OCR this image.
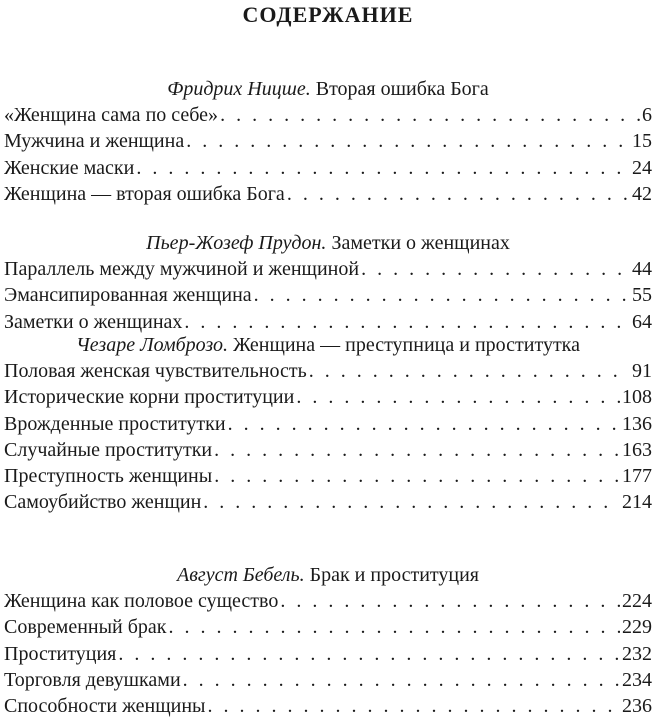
СОДЕРЖАНИЕ
Фридрих Ницше. Вторая ошибка Бога
«Женщина сама по себе» . . .	6
Мужчина и женщина . . .	15
Женские маски . . .	24
Женщина — вторая ошибка Бога . . .	42
Пьер-Жозеф Прудон. Заметки о женщинах
Параллель между мужчиной и женщиной . . .	44
Эмансипированная женщина . . .	55
Заметки о женщинах . . .	64
Чезаре Ломброзо. Женщина — преступница и проститутка
Половая женская чувствительность . . .	91
Исторические корни проституции . . .	108
Врожденные проститутки . . .	136
Случайные проститутки . . .	163
Преступность женщины . . .	177
Самоубийство женщин . . .	214
Август Бебель. Брак и проституция
Женщина как половое существо . . .	224
Современный брак . . .	229
Проституция . . .	232
Торговля девушками . . .	234
Способности женщины . . .	236
